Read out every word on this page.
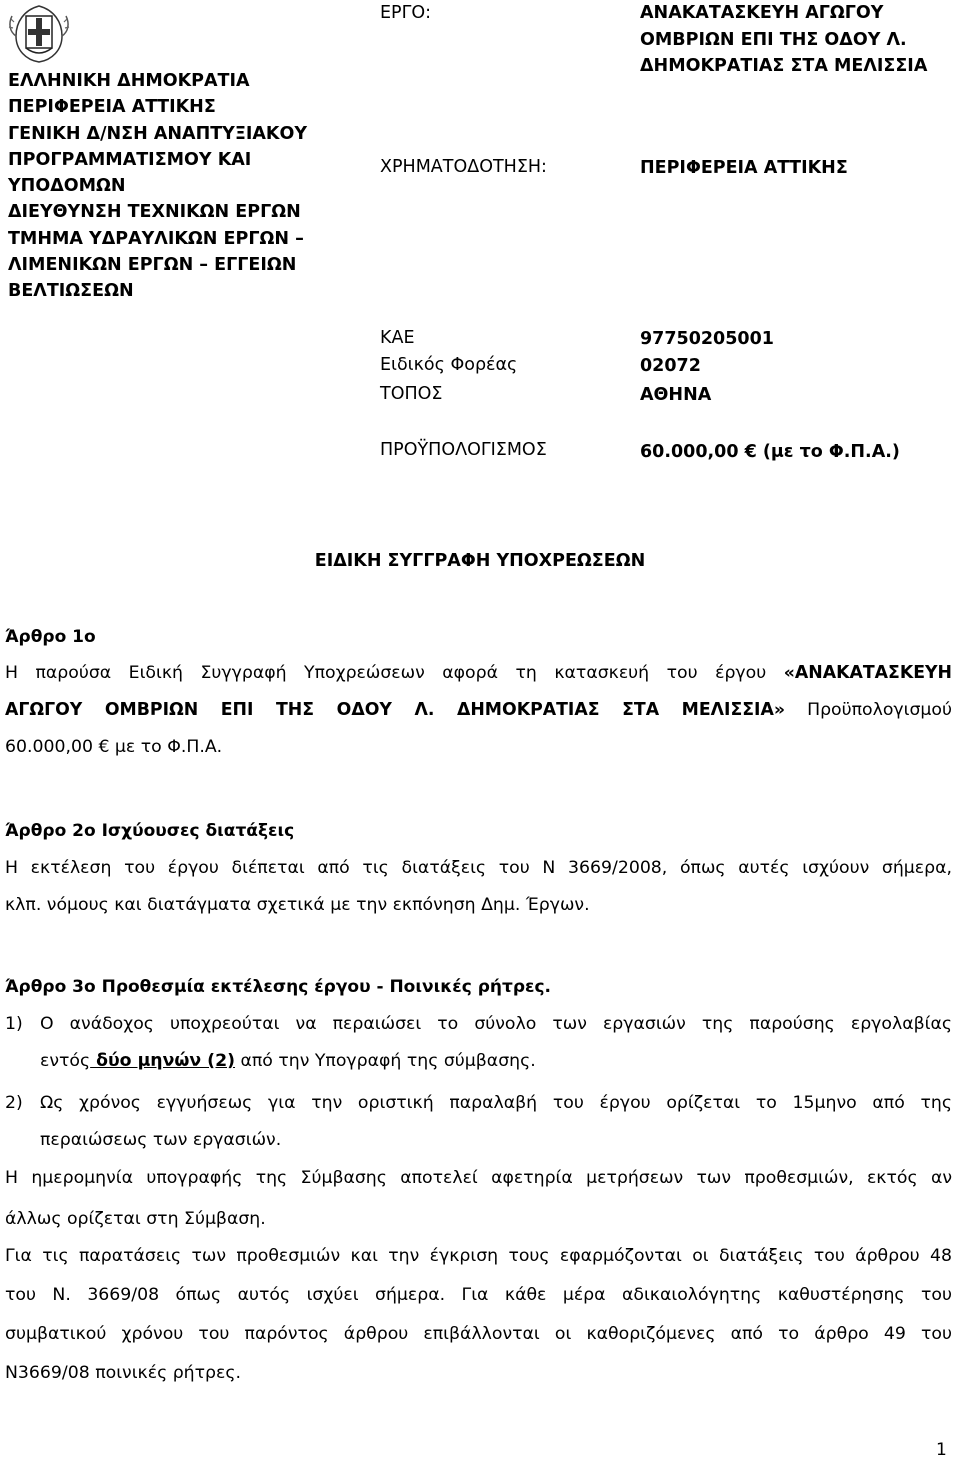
ΕΛΛΗΝΙΚΗ ΔΗΜΟΚΡΑΤΙΑ
ΠΕΡΙΦΕΡΕΙΑ ΑΤΤΙΚΗΣ
ΓΕΝΙΚΗ Δ/ΝΣΗ ΑΝΑΠΤΥΞΙΑΚΟΥ
ΠΡΟΓΡΑΜΜΑΤΙΣΜΟΥ ΚΑΙ
ΥΠΟΔΟΜΩΝ
ΔΙΕΥΘΥΝΣΗ ΤΕΧΝΙΚΩΝ ΕΡΓΩΝ
ΤΜΗΜΑ ΥΔΡΑΥΛΙΚΩΝ ΕΡΓΩΝ –
ΛΙΜΕΝΙΚΩΝ ΕΡΓΩΝ – ΕΓΓΕΙΩΝ
ΒΕΛΤΙΩΣΕΩΝ
ΕΡΓΟ:	ΑΝΑΚΑΤΑΣΚΕΥΗ ΑΓΩΓΟΥ
ΟΜΒΡΙΩΝ ΕΠΙ ΤΗΣ ΟΔΟΥ Λ.
ΔΗΜΟΚΡΑΤΙΑΣ ΣΤΑ ΜΕΛΙΣΣΙΑ
ΧΡΗΜΑΤΟΔΟΤΗΣΗ:	ΠΕΡΙΦΕΡΕΙΑ ΑΤΤΙΚΗΣ
ΚΑΕ	97750205001
Ειδικός Φορέας	02072
ΤΟΠΟΣ	ΑΘΗΝΑ
ΠΡΟΫΠΟΛΟΓΙΣΜΟΣ	60.000,00 € (με το Φ.Π.Α.)
ΕΙΔΙΚΗ ΣΥΓΓΡΑΦΗ ΥΠΟΧΡΕΩΣΕΩΝ
Άρθρο 1ο
Η παρούσα Ειδική Συγγραφή Υποχρεώσεων αφορά τη κατασκευή του έργου «ΑΝΑΚΑΤΑΣΚΕΥΗ
ΑΓΩΓΟΥ ΟΜΒΡΙΩΝ ΕΠΙ ΤΗΣ ΟΔΟΥ Λ. ΔΗΜΟΚΡΑΤΙΑΣ ΣΤΑ ΜΕΛΙΣΣΙΑ» Προϋπολογισμού
60.000,00 € με το Φ.Π.Α.
Άρθρο 2ο Ισχύουσες διατάξεις
Η εκτέλεση του έργου διέπεται από τις διατάξεις του Ν 3669/2008, όπως αυτές ισχύουν σήμερα,
κλπ. νόμους και διατάγματα σχετικά με την εκπόνηση Δημ. Έργων.
Άρθρο 3ο Προθεσμία εκτέλεσης έργου - Ποινικές ρήτρες.
1) Ο ανάδοχος υποχρεούται να περαιώσει το σύνολο των εργασιών της παρούσης εργολαβίας
εντός δύο μηνών (2) από την Υπογραφή της σύμβασης.
2) Ως χρόνος εγγυήσεως για την οριστική παραλαβή του έργου ορίζεται το 15μηνο από της
περαιώσεως των εργασιών.
Η ημερομηνία υπογραφής της Σύμβασης αποτελεί αφετηρία μετρήσεων των προθεσμιών, εκτός αν
άλλως ορίζεται στη Σύμβαση.
Για τις παρατάσεις των προθεσμιών και την έγκριση τους εφαρμόζονται οι διατάξεις του άρθρου 48
του Ν. 3669/08 όπως αυτός ισχύει σήμερα. Για κάθε μέρα αδικαιολόγητης καθυστέρησης του
συμβατικού χρόνου του παρόντος άρθρου επιβάλλονται οι καθοριζόμενες από το άρθρο 49 του
Ν3669/08 ποινικές ρήτρες.
1
